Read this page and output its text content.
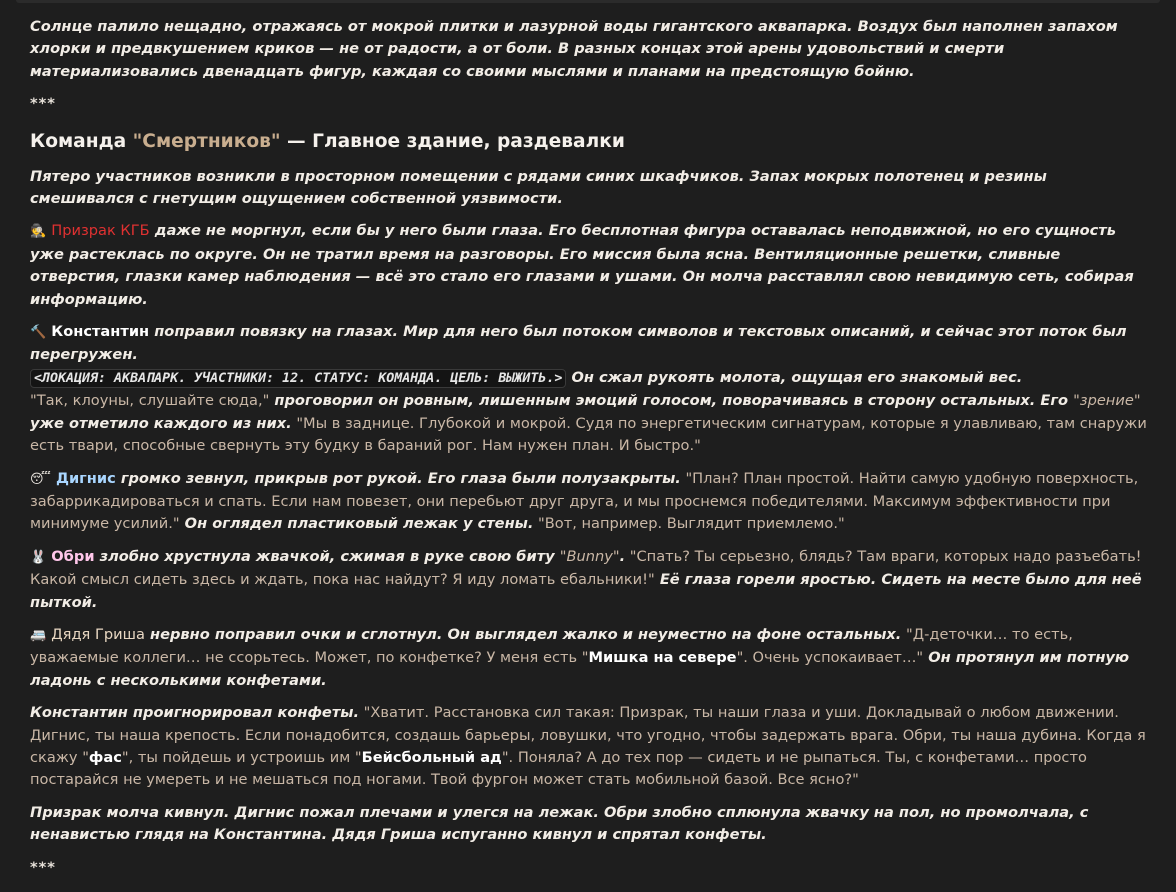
Солнце палило нещадно, отражаясь от мокрой плитки и лазурной воды гигантского аквапарка. Воздух был наполнен запахом хлорки и предвкушением криков — не от радости, а от боли. В разных концах этой арены удовольствий и смерти материализовались двенадцать фигур, каждая со своими мыслями и планами на предстоящую бойню.

***

Команда "Смертников" — Главное здание, раздевалки

Пятеро участников возникли в просторном помещении с рядами синих шкафчиков. Запах мокрых полотенец и резины смешивался с гнетущим ощущением собственной уязвимости.

🕵 Призрак КГБ даже не моргнул, если бы у него были глаза. Его бесплотная фигура оставалась неподвижной, но его сущность уже растеклась по округе. Он не тратил время на разговоры. Его миссия была ясна. Вентиляционные решетки, сливные отверстия, глазки камер наблюдения — всё это стало его глазами и ушами. Он молча расставлял свою невидимую сеть, собирая информацию.

🔨 Константин поправил повязку на глазах. Мир для него был потоком символов и текстовых описаний, и сейчас этот поток был перегружен.
<ЛОКАЦИЯ: АКВАПАРК. УЧАСТНИКИ: 12. СТАТУС: КОМАНДА. ЦЕЛЬ: ВЫЖИТЬ.> Он сжал рукоять молота, ощущая его знакомый вес.
"Так, клоуны, слушайте сюда," проговорил он ровным, лишенным эмоций голосом, поворачиваясь в сторону остальных. Его "зрение" уже отметило каждого из них. "Мы в заднице. Глубокой и мокрой. Судя по энергетическим сигнатурам, которые я улавливаю, там снаружи есть твари, способные свернуть эту будку в бараний рог. Нам нужен план. И быстро."

😴 Дигнис громко зевнул, прикрыв рот рукой. Его глаза были полузакрыты. "План? План простой. Найти самую удобную поверхность, забаррикадироваться и спать. Если нам повезет, они перебьют друг друга, и мы проснемся победителями. Максимум эффективности при минимуме усилий." Он оглядел пластиковый лежак у стены. "Вот, например. Выглядит приемлемо."

🐰 Обри злобно хрустнула жвачкой, сжимая в руке свою биту "Bunny". "Спать? Ты серьезно, блядь? Там враги, которых надо разъебать! Какой смысл сидеть здесь и ждать, пока нас найдут? Я иду ломать ебальники!" Её глаза горели яростью. Сидеть на месте было для неё пыткой.

🚐 Дядя Гриша нервно поправил очки и сглотнул. Он выглядел жалко и неуместно на фоне остальных. "Д-деточки… то есть, уважаемые коллеги… не ссорьтесь. Может, по конфетке? У меня есть "Мишка на севере". Очень успокаивает…" Он протянул им потную ладонь с несколькими конфетами.

Константин проигнорировал конфеты. "Хватит. Расстановка сил такая: Призрак, ты наши глаза и уши. Докладывай о любом движении. Дигнис, ты наша крепость. Если понадобится, создашь барьеры, ловушки, что угодно, чтобы задержать врага. Обри, ты наша дубина. Когда я скажу "фас", ты пойдешь и устроишь им "Бейсбольный ад". Поняла? А до тех пор — сидеть и не рыпаться. Ты, с конфетами… просто постарайся не умереть и не мешаться под ногами. Твой фургон может стать мобильной базой. Все ясно?"

Призрак молча кивнул. Дигнис пожал плечами и улегся на лежак. Обри злобно сплюнула жвачку на пол, но промолчала, с ненавистью глядя на Константина. Дядя Гриша испуганно кивнул и спрятал конфеты.

***
